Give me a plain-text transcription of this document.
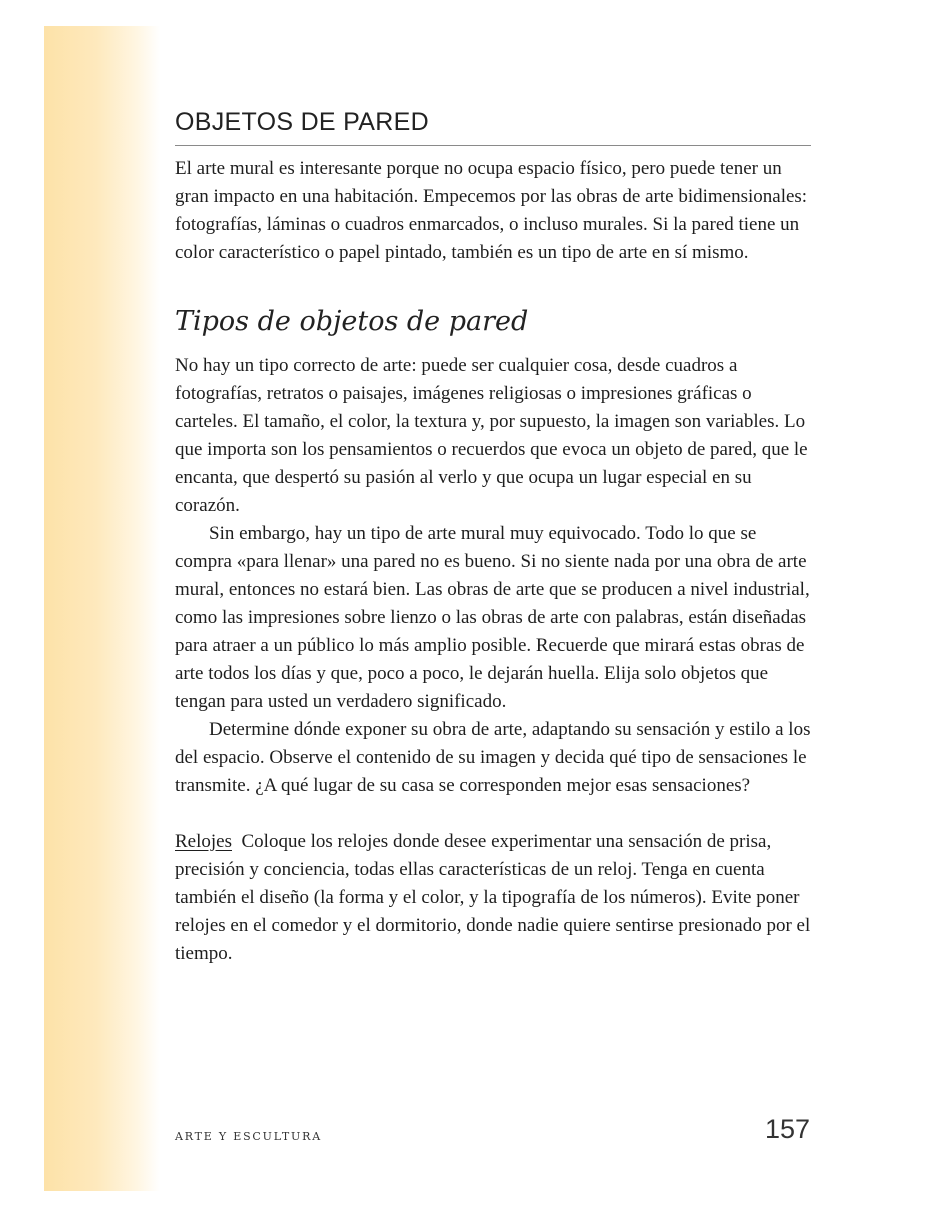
OBJETOS DE PARED

El arte mural es interesante porque no ocupa espacio físico, pero puede tener un gran impacto en una habitación. Empecemos por las obras de arte bidimensionales: fotografías, láminas o cuadros enmarcados, o incluso murales. Si la pared tiene un color característico o papel pintado, también es un tipo de arte en sí mismo.

Tipos de objetos de pared

No hay un tipo correcto de arte: puede ser cualquier cosa, desde cuadros a fotografías, retratos o paisajes, imágenes religiosas o impresiones gráficas o carteles. El tamaño, el color, la textura y, por supuesto, la imagen son variables. Lo que importa son los pensamientos o recuerdos que evoca un objeto de pared, que le encanta, que despertó su pasión al verlo y que ocupa un lugar especial en su corazón.

Sin embargo, hay un tipo de arte mural muy equivocado. Todo lo que se compra «para llenar» una pared no es bueno. Si no siente nada por una obra de arte mural, entonces no estará bien. Las obras de arte que se producen a nivel industrial, como las impresiones sobre lienzo o las obras de arte con palabras, están diseñadas para atraer a un público lo más amplio posible. Recuerde que mirará estas obras de arte todos los días y que, poco a poco, le dejarán huella. Elija solo objetos que tengan para usted un verdadero significado.

Determine dónde exponer su obra de arte, adaptando su sensación y estilo a los del espacio. Observe el contenido de su imagen y decida qué tipo de sensaciones le transmite. ¿A qué lugar de su casa se corresponden mejor esas sensaciones?

Relojes Coloque los relojes donde desee experimentar una sensación de prisa, precisión y conciencia, todas ellas características de un reloj. Tenga en cuenta también el diseño (la forma y el color, y la tipografía de los números). Evite poner relojes en el comedor y el dormitorio, donde nadie quiere sentirse presionado por el tiempo.

ARTE Y ESCULTURA	157
